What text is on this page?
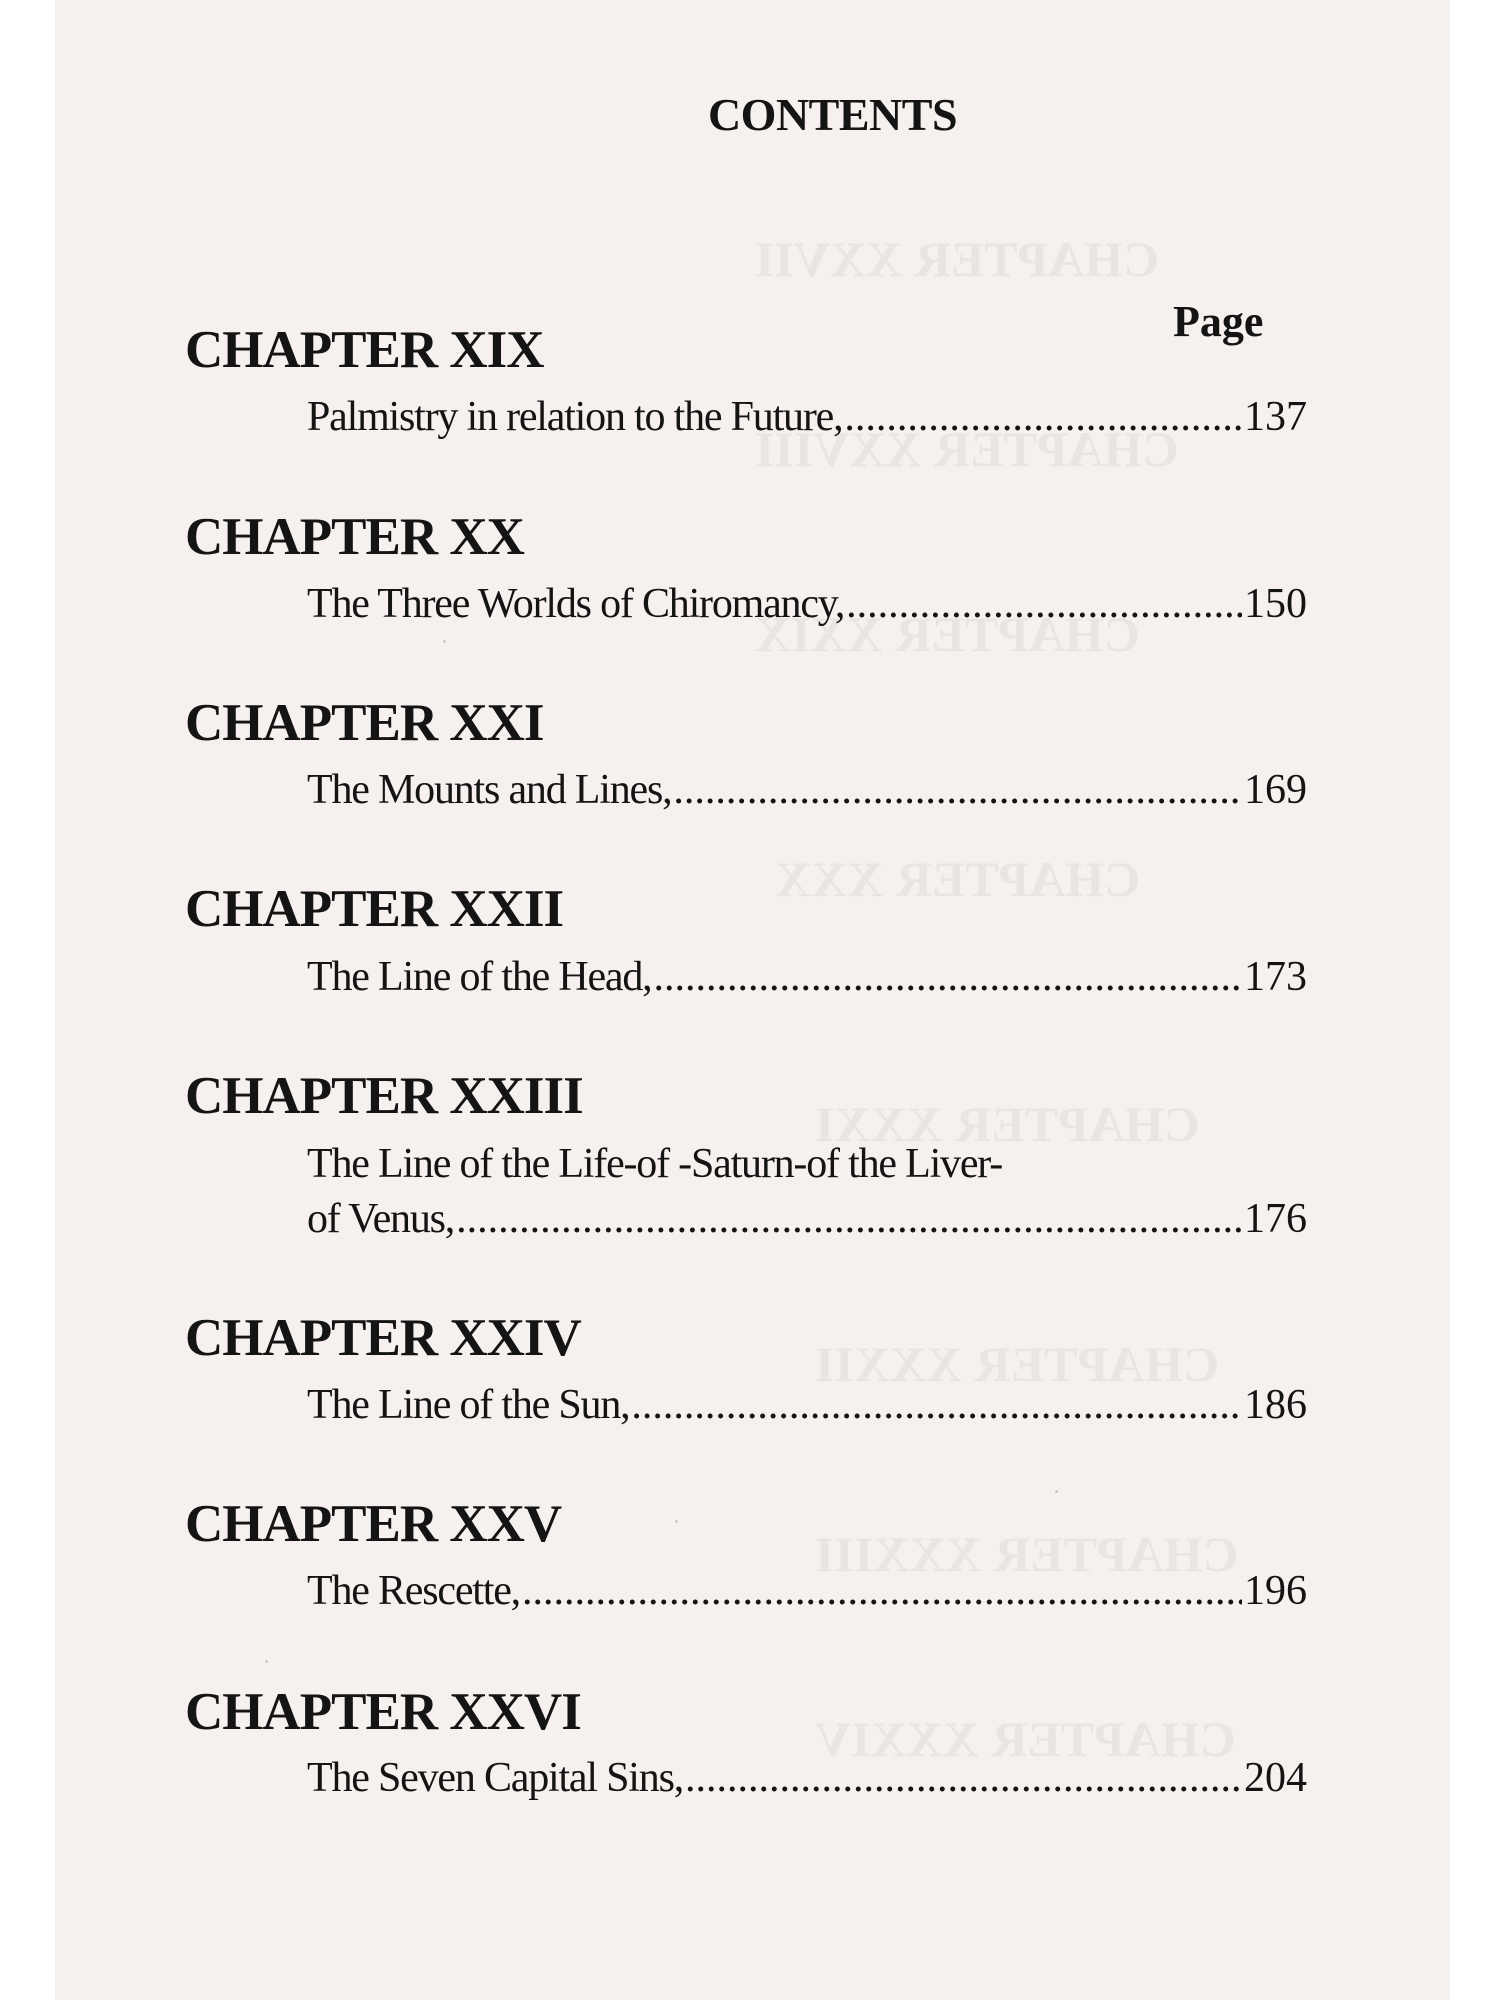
CHAPTER XXVII
CHAPTER XXVIII
CHAPTER XXIX
CHAPTER XXX
CHAPTER XXXI
CHAPTER XXXII
CHAPTER XXXIII
CHAPTER XXXIV
CONTENTS
Page
CHAPTER XIX
Palmistry in relation to the Future, .....	137
CHAPTER XX
The Three Worlds of Chiromancy, .....	150
CHAPTER XXI
The Mounts and Lines, .....	169
CHAPTER XXII
The Line of the Head, .....	173
CHAPTER XXIII
The Line of the Life-of -Saturn-of the Liver-
of Venus, .....	176
CHAPTER XXIV
The Line of the Sun, .....	186
CHAPTER XXV
The Rescette, .....	196
CHAPTER XXVI
The Seven Capital Sins, .....	204
